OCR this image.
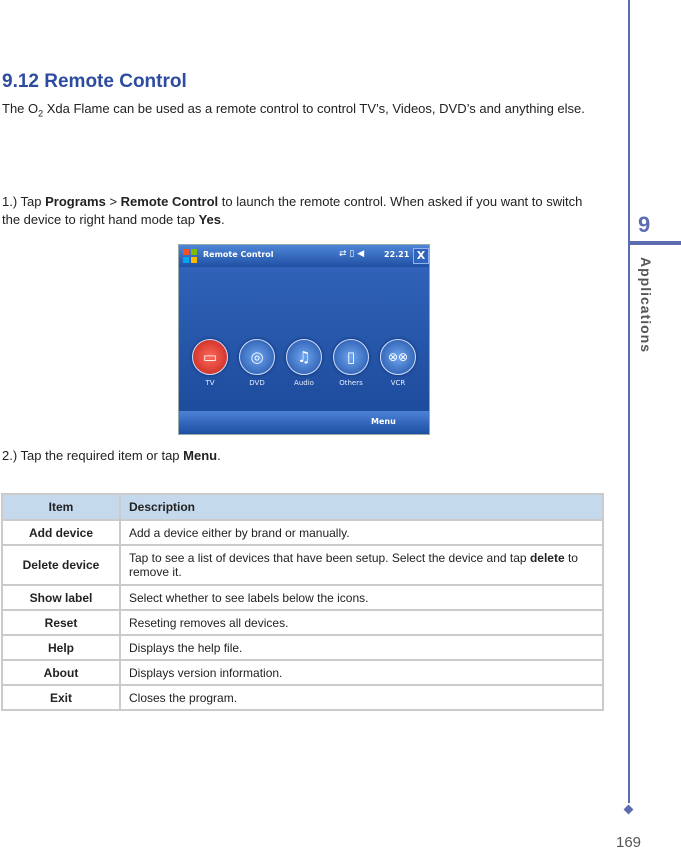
9.12 Remote Control

The $O_2$ Xda Flame can be used as a remote control to control TV’s, Videos, DVD’s and anything else.

1.) Tap Programs > Remote Control to launch the remote control. When asked if you want to switch the device to right hand mode tap Yes.

Remote Control	⇄ ▯ ◀ 22.21 X
▭
TV
◎
DVD
♫
Audio
▯
Others
⊗⊗
VCR
Menu

2.) Tap the required item or tap Menu.

Item	Description
Add device	Add a device either by brand or manually.
Delete device	Tap to see a list of devices that have been setup. Select the device and tap delete to remove it.
Show label	Select whether to see labels below the icons.
Reset	Reseting removes all devices.
Help	Displays the help file.
About	Displays version information.
Exit	Closes the program.
9
Applications
169
